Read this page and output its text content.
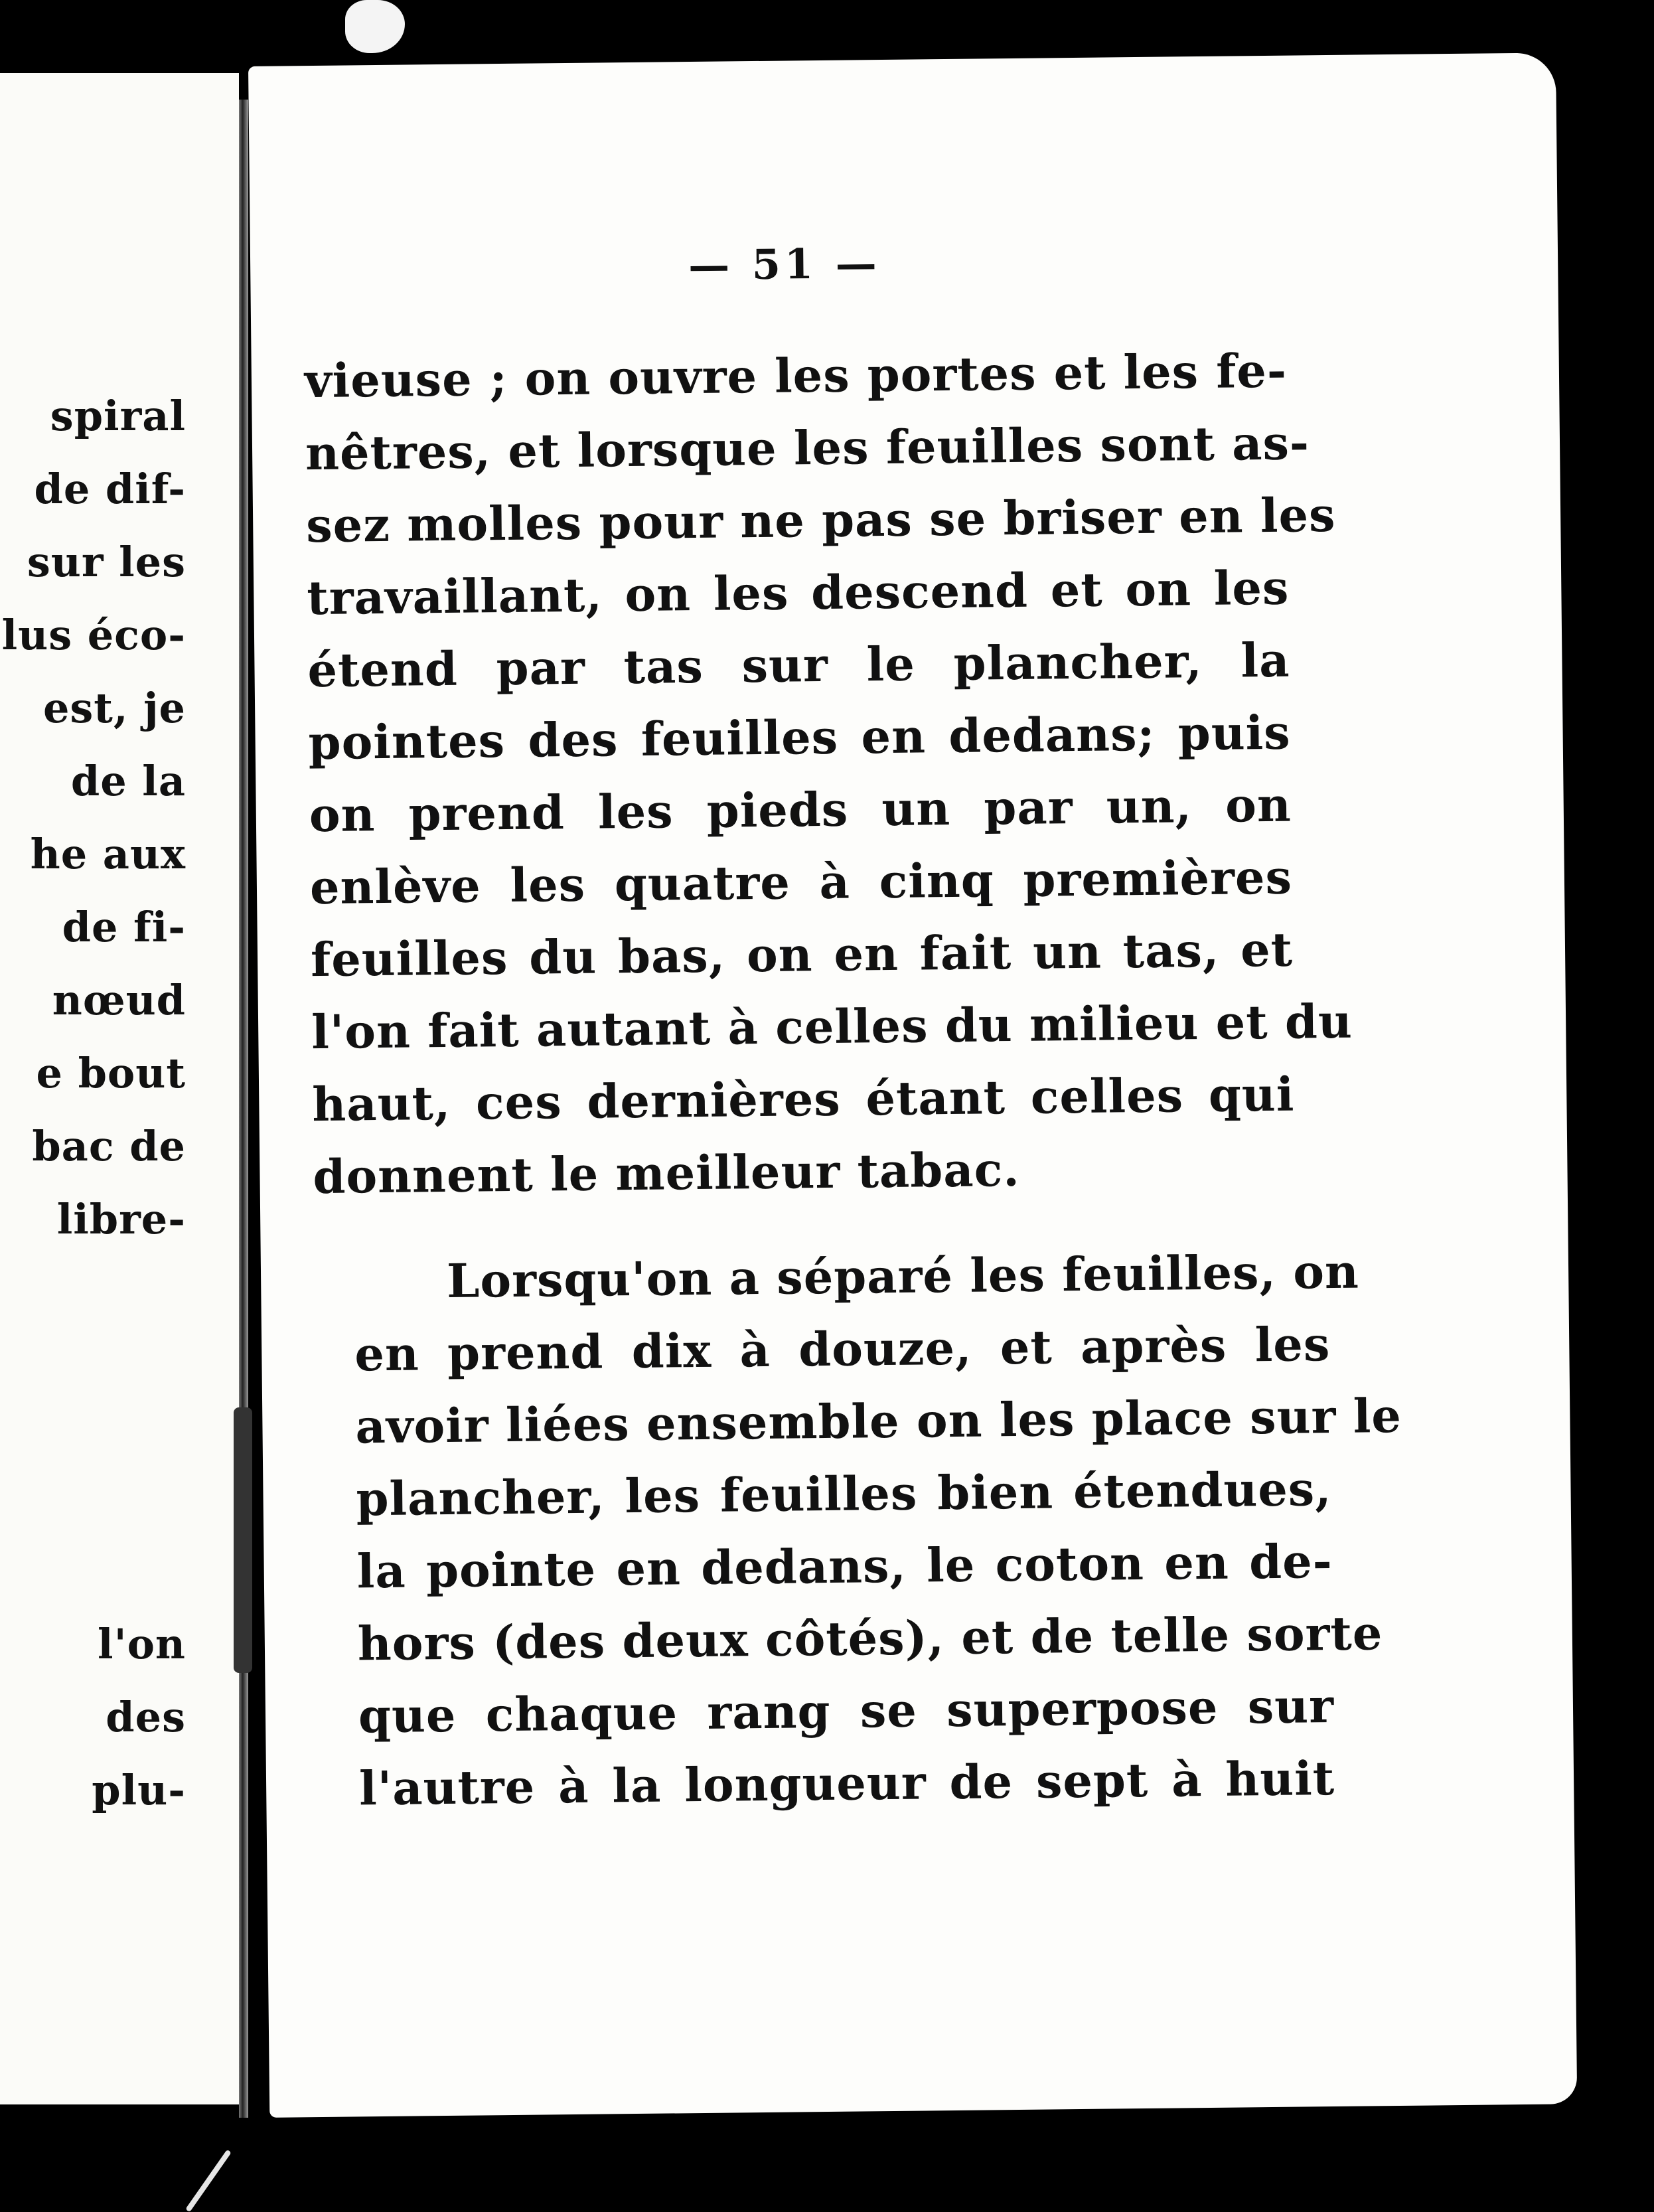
spiral
de dif-
sur les
lus éco-
est, je
de la
he aux
de fi-
nœud
e bout
bac de
libre-
l'on
des
plu-
— 51 —
vieuse ; on ouvre les portes et les fe-
nêtres, et lorsque les feuilles sont as-
sez molles pour ne pas se briser en les
travaillant, on les descend et on les
étend par tas sur le plancher, la
pointes des feuilles en dedans; puis
on prend les pieds un par un, on
enlève les quatre à cinq premières
feuilles du bas, on en fait un tas, et
l'on fait autant à celles du milieu et du
haut, ces dernières étant celles qui
donnent le meilleur tabac.
Lorsqu'on a séparé les feuilles, on
en prend dix à douze, et après les
avoir liées ensemble on les place sur le
plancher, les feuilles bien étendues,
la pointe en dedans, le coton en de-
hors (des deux côtés), et de telle sorte
que chaque rang se superpose sur
l'autre à la longueur de sept à huit
